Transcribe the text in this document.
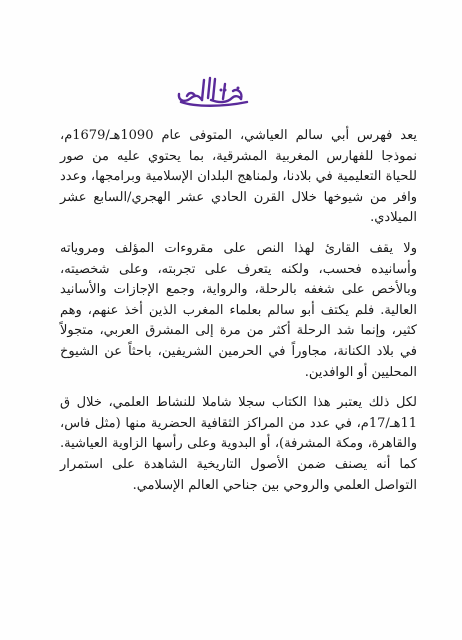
يعد فهرس أبي سالم العياشي، المتوفى عام 1090هـ/1679م، نموذجا للفهارس المغربية المشرقية، بما يحتوي عليه من صور للحياة التعليمية في بلادنا، ولمناهج البلدان الإسلامية وبرامجها، وعدد وافر من شيوخها خلال القرن الحادي عشر الهجري/السابع عشر الميلادي.

ولا يقف القارئ لهذا النص على مقروءات المؤلف ومروياته وأسانيده فحسب، ولكنه يتعرف على تجربته، وعلى شخصيته، وبالأخص على شغفه بالرحلة، والرواية، وجمع الإجازات والأسانيد العالية. فلم يكتف أبو سالم بعلماء المغرب الذين أخذ عنهم، وهم كثير، وإنما شد الرحلة أكثر من مرة إلى المشرق العربي، متجولاً في بلاد الكنانة، مجاوراً في الحرمين الشريفين، باحثاً عن الشيوخ المحليين أو الوافدين.

لكل ذلك يعتبر هذا الكتاب سجلا شاملا للنشاط العلمي، خلال ق 11هـ/17م، في عدد من المراكز الثقافية الحضرية منها (مثل فاس، والقاهرة، ومكة المشرفة)، أو البدوية وعلى رأسها الزاوية العياشية. كما أنه يصنف ضمن الأصول التاريخية الشاهدة على استمرار التواصل العلمي والروحي بين جناحي العالم الإسلامي.
